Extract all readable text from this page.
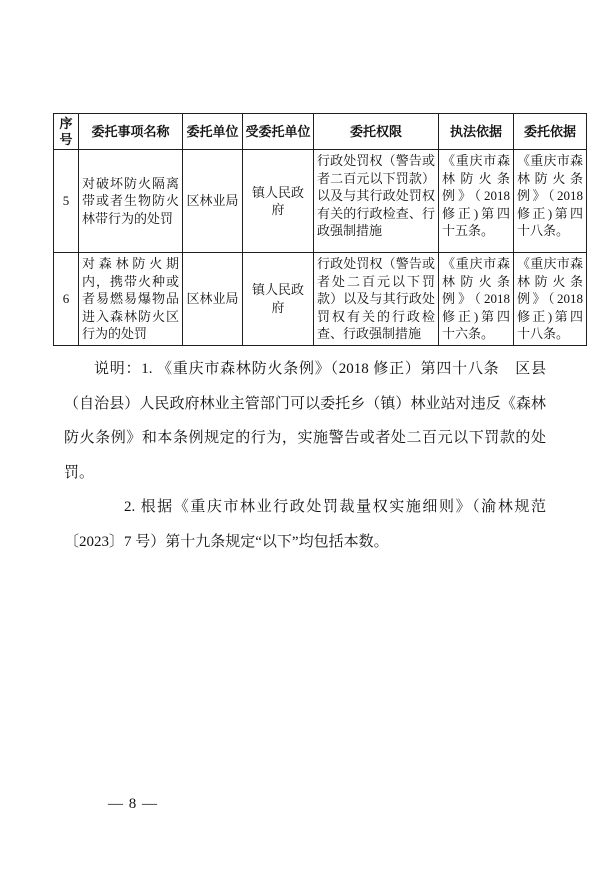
序号	委托事项名称	委托单位	受委托单位	委托权限	执法依据	委托依据
5	对破坏防火隔离带或者生物防火林带行为的处罚	区林业局	镇人民政府	行政处罚权（警告或者二百元以下罚款）以及与其行政处罚权有关的行政检查、行政强制措施	《重庆市森林防火条例》（2018修正)第四十五条。	《重庆市森林防火条例》（2018修正)第四十八条。
6	对森林防火期内，携带火种或者易燃易爆物品进入森林防火区行为的处罚	区林业局	镇人民政府	行政处罚权（警告或者处二百元以下罚款）以及与其行政处罚权有关的行政检查、行政强制措施	《重庆市森林防火条例》（2018修正)第四十六条。	《重庆市森林防火条例》（2018修正)第四十八条。

说明：1. 《重庆市森林防火条例》（2018 修正）第四十八条　区县（自治县）人民政府林业主管部门可以委托乡（镇）林业站对违反《森林防火条例》和本条例规定的行为，实施警告或者处二百元以下罚款的处罚。

2. 根据《重庆市林业行政处罚裁量权实施细则》（渝林规范〔2023〕7 号）第十九条规定“以下”均包括本数。

— 8 —
